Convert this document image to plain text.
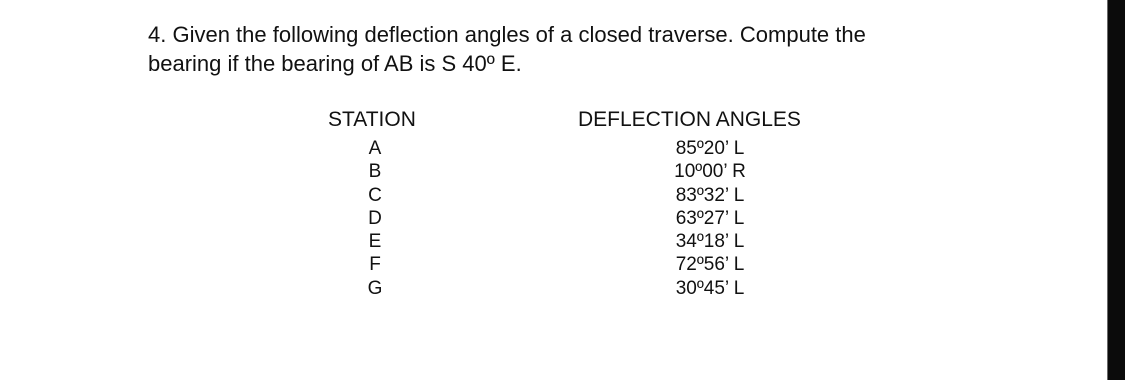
4. Given the following deflection angles of a closed traverse. Compute the
bearing if the bearing of AB is S 40º E.

STATION	DEFLECTION ANGLES
A
B
C
D
E
F
G
85º20’ L
10º00’ R
83º32’ L
63º27’ L
34º18’ L
72º56’ L
30º45’ L
